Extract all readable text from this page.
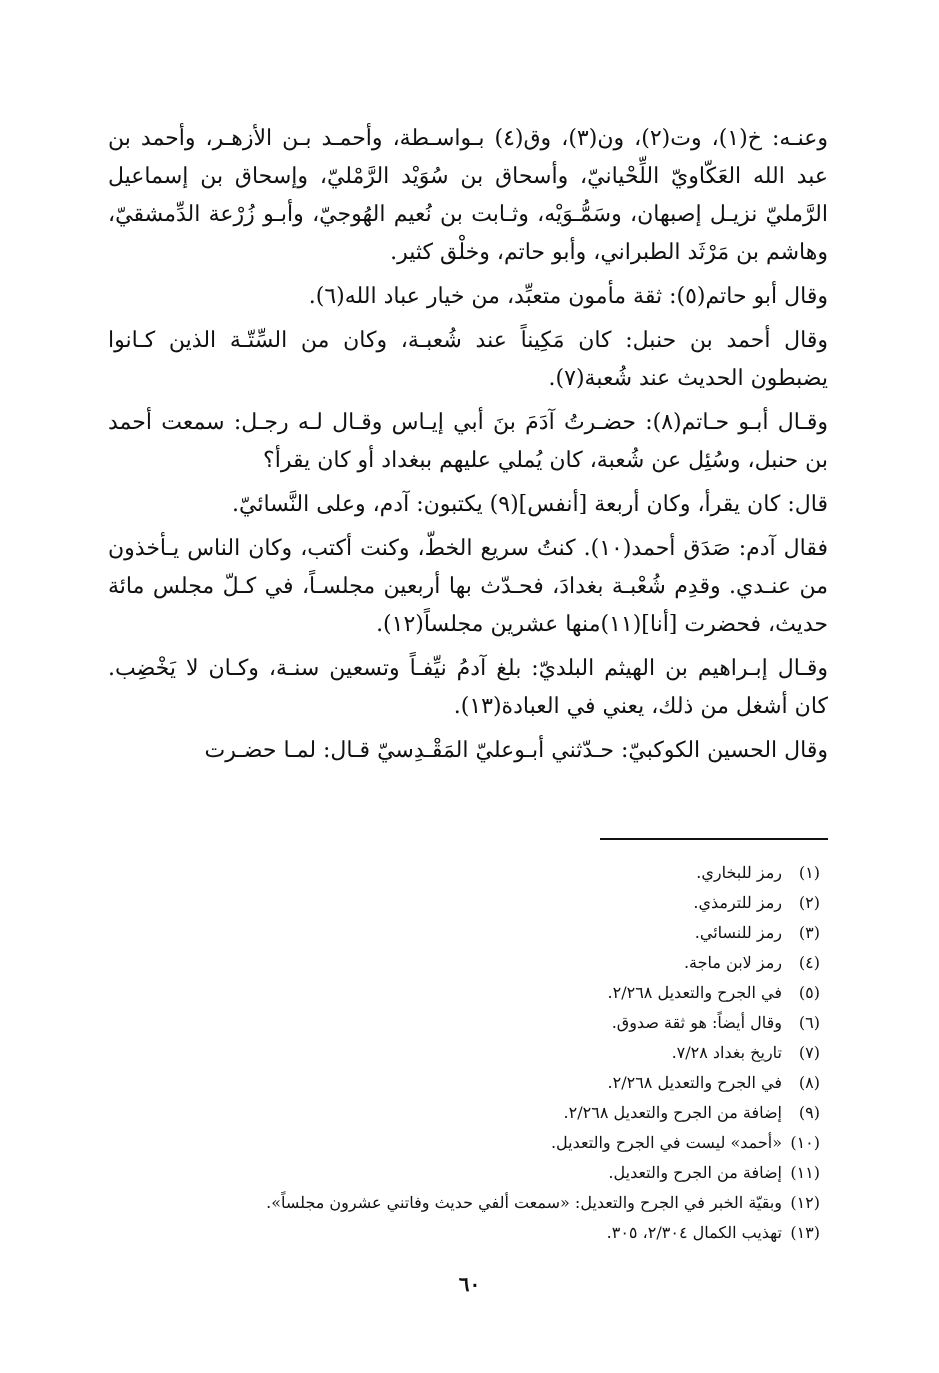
وعنـه: خ(١)، وت(٢)، ون(٣)، وق(٤) بـواسـطة، وأحمـد بـن الأزهـر، وأحمد بن عبد الله العَكّاويّ اللِّحْيانيّ، وأسحاق بن سُوَيْد الرَّمْليّ، وإسحاق بن إسماعيل الرَّمليّ نزيـل إصبهان، وسَمُّـوَيْه، وثـابت بن نُعيم الهُوجيّ، وأبـو زُرْعة الدِّمشقيّ، وهاشم بن مَرْثَد الطبراني، وأبو حاتم، وخلْق كثير.

وقال أبو حاتم(٥): ثقة مأمون متعبِّد، من خيار عباد الله(٦).

وقال أحمد بن حنبل: كان مَكِيناً عند شُعبـة، وكان من السِّتّـة الذين كـانوا يضبطون الحديث عند شُعبة(٧).

وقـال أبـو حـاتم(٨): حضـرتُ آدَمَ بنَ أبي إيـاس وقـال لـه رجـل: سمعت أحمد بن حنبل، وسُئِل عن شُعبة، كان يُملي عليهم ببغداد أو كان يقرأ؟

قال: كان يقرأ، وكان أربعة [أنفس](٩) يكتبون: آدم، وعلى النَّسائيّ.

فقال آدم: صَدَق أحمد(١٠). كنتُ سريع الخطّ، وكنت أكتب، وكان الناس يـأخذون من عنـدي. وقدِم شُعْبـة بغدادَ، فحـدّث بها أربعين مجلسـاً، في كـلّ مجلس مائة حديث، فحضرت [أنا](١١)منها عشرين مجلساً(١٢).

وقـال إبـراهيم بن الهيثم البلديّ: بلغ آدمُ نيِّفـاً وتسعين سنـة، وكـان لا يَخْضِب. كان أشغل من ذلك، يعني في العبادة(١٣).

وقال الحسين الكوكبيّ: حـدّثني أبـوعليّ المَقْـدِسيّ قـال: لمـا حضـرت

(١)
رمز للبخاري.
(٢)
رمز للترمذي.
(٣)
رمز للنسائي.
(٤)
رمز لابن ماجة.
(٥)
في الجرح والتعديل ٢/٢٦٨.
(٦)
وقال أيضاً: هو ثقة صدوق.
(٧)
تاريخ بغداد ٧/٢٨.
(٨)
في الجرح والتعديل ٢/٢٦٨.
(٩)
إضافة من الجرح والتعديل ٢/٢٦٨.
(١٠)
«أحمد» ليست في الجرح والتعديل.
(١١)
إضافة من الجرح والتعديل.
(١٢)
وبقيّة الخبر في الجرح والتعديل: «سمعت ألفي حديث وفاتني عشرون مجلساً».
(١٣)
تهذيب الكمال ٢/٣٠٤، ٣٠٥.
٦٠
